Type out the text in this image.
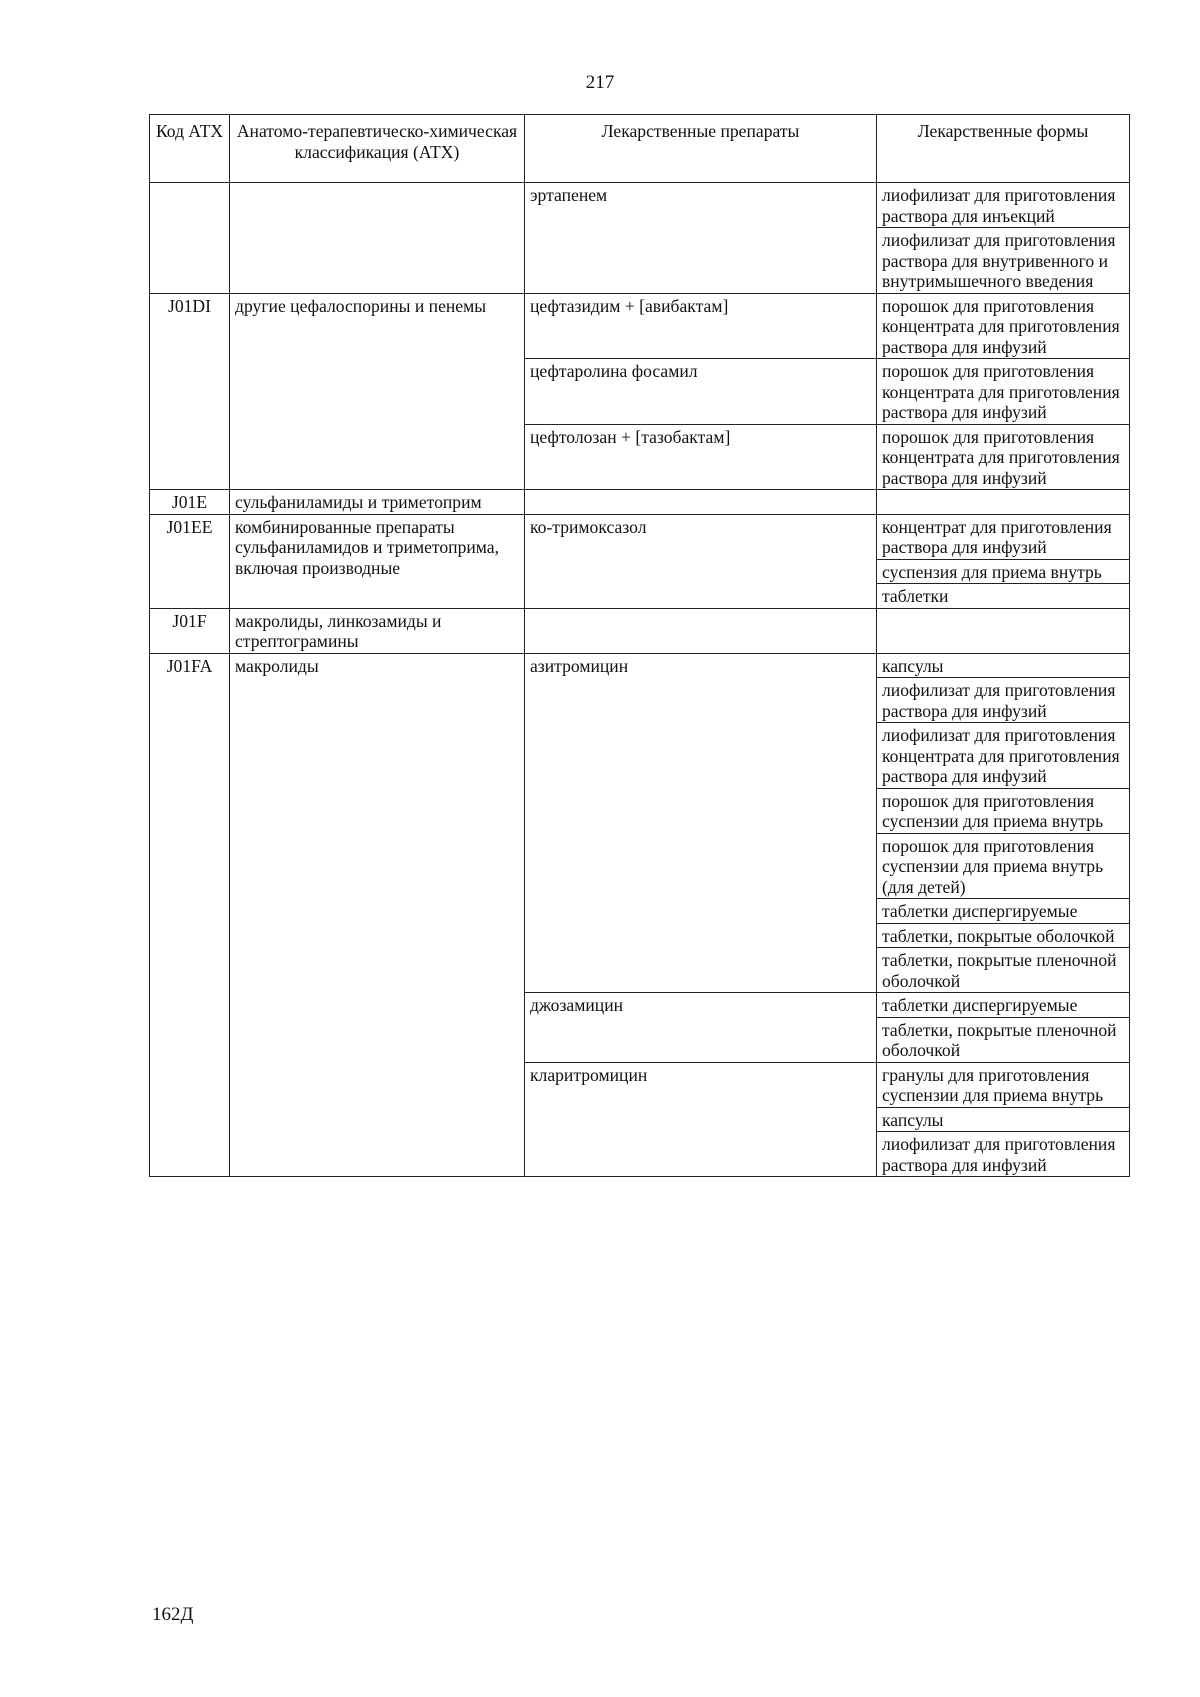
217
Код АТХ	Анатомо-терапевтическо-химическая классификация (АТХ)	Лекарственные препараты	Лекарственные формы
		эртапенем	лиофилизат для приготовления раствора для инъекций
			лиофилизат для приготовления раствора для внутривенного и внутримышечного введения
J01DI	другие цефалоспорины и пенемы	цефтазидим + [авибактам]	порошок для приготовления концентрата для приготовления раствора для инфузий
		цефтаролина фосамил	порошок для приготовления концентрата для приготовления раствора для инфузий
		цефтолозан + [тазобактам]	порошок для приготовления концентрата для приготовления раствора для инфузий
J01E	сульфаниламиды и триметоприм		
J01EE	комбинированные препараты сульфаниламидов и триметоприма, включая производные	ко-тримоксазол	концентрат для приготовления раствора для инфузий
			суспензия для приема внутрь
			таблетки
J01F	макролиды, линкозамиды и стрептограмины		
J01FA	макролиды	азитромицин	капсулы
			лиофилизат для приготовления раствора для инфузий
			лиофилизат для приготовления концентрата для приготовления раствора для инфузий
			порошок для приготовления суспензии для приема внутрь
			порошок для приготовления суспензии для приема внутрь (для детей)
			таблетки диспергируемые
			таблетки, покрытые оболочкой
			таблетки, покрытые пленочной оболочкой
		джозамицин	таблетки диспергируемые
			таблетки, покрытые пленочной оболочкой
		кларитромицин	гранулы для приготовления суспензии для приема внутрь
			капсулы
			лиофилизат для приготовления раствора для инфузий
162Д
